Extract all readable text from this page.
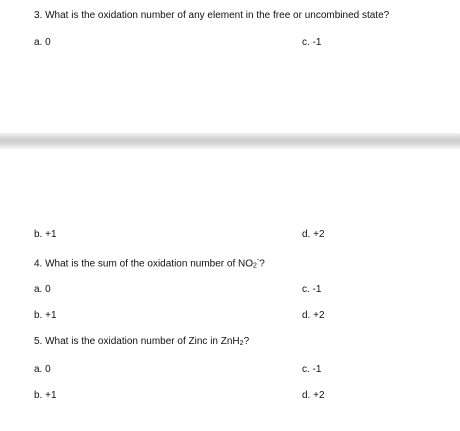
3. What is the oxidation number of any element in the free or uncombined state?
a. 0	c. -1
b. +1	d. +2
4. What is the sum of the oxidation number of NO2-?
a. 0	c. -1
b. +1	d. +2
5. What is the oxidation number of Zinc in ZnH2?
a. 0	c. -1
b. +1	d. +2
